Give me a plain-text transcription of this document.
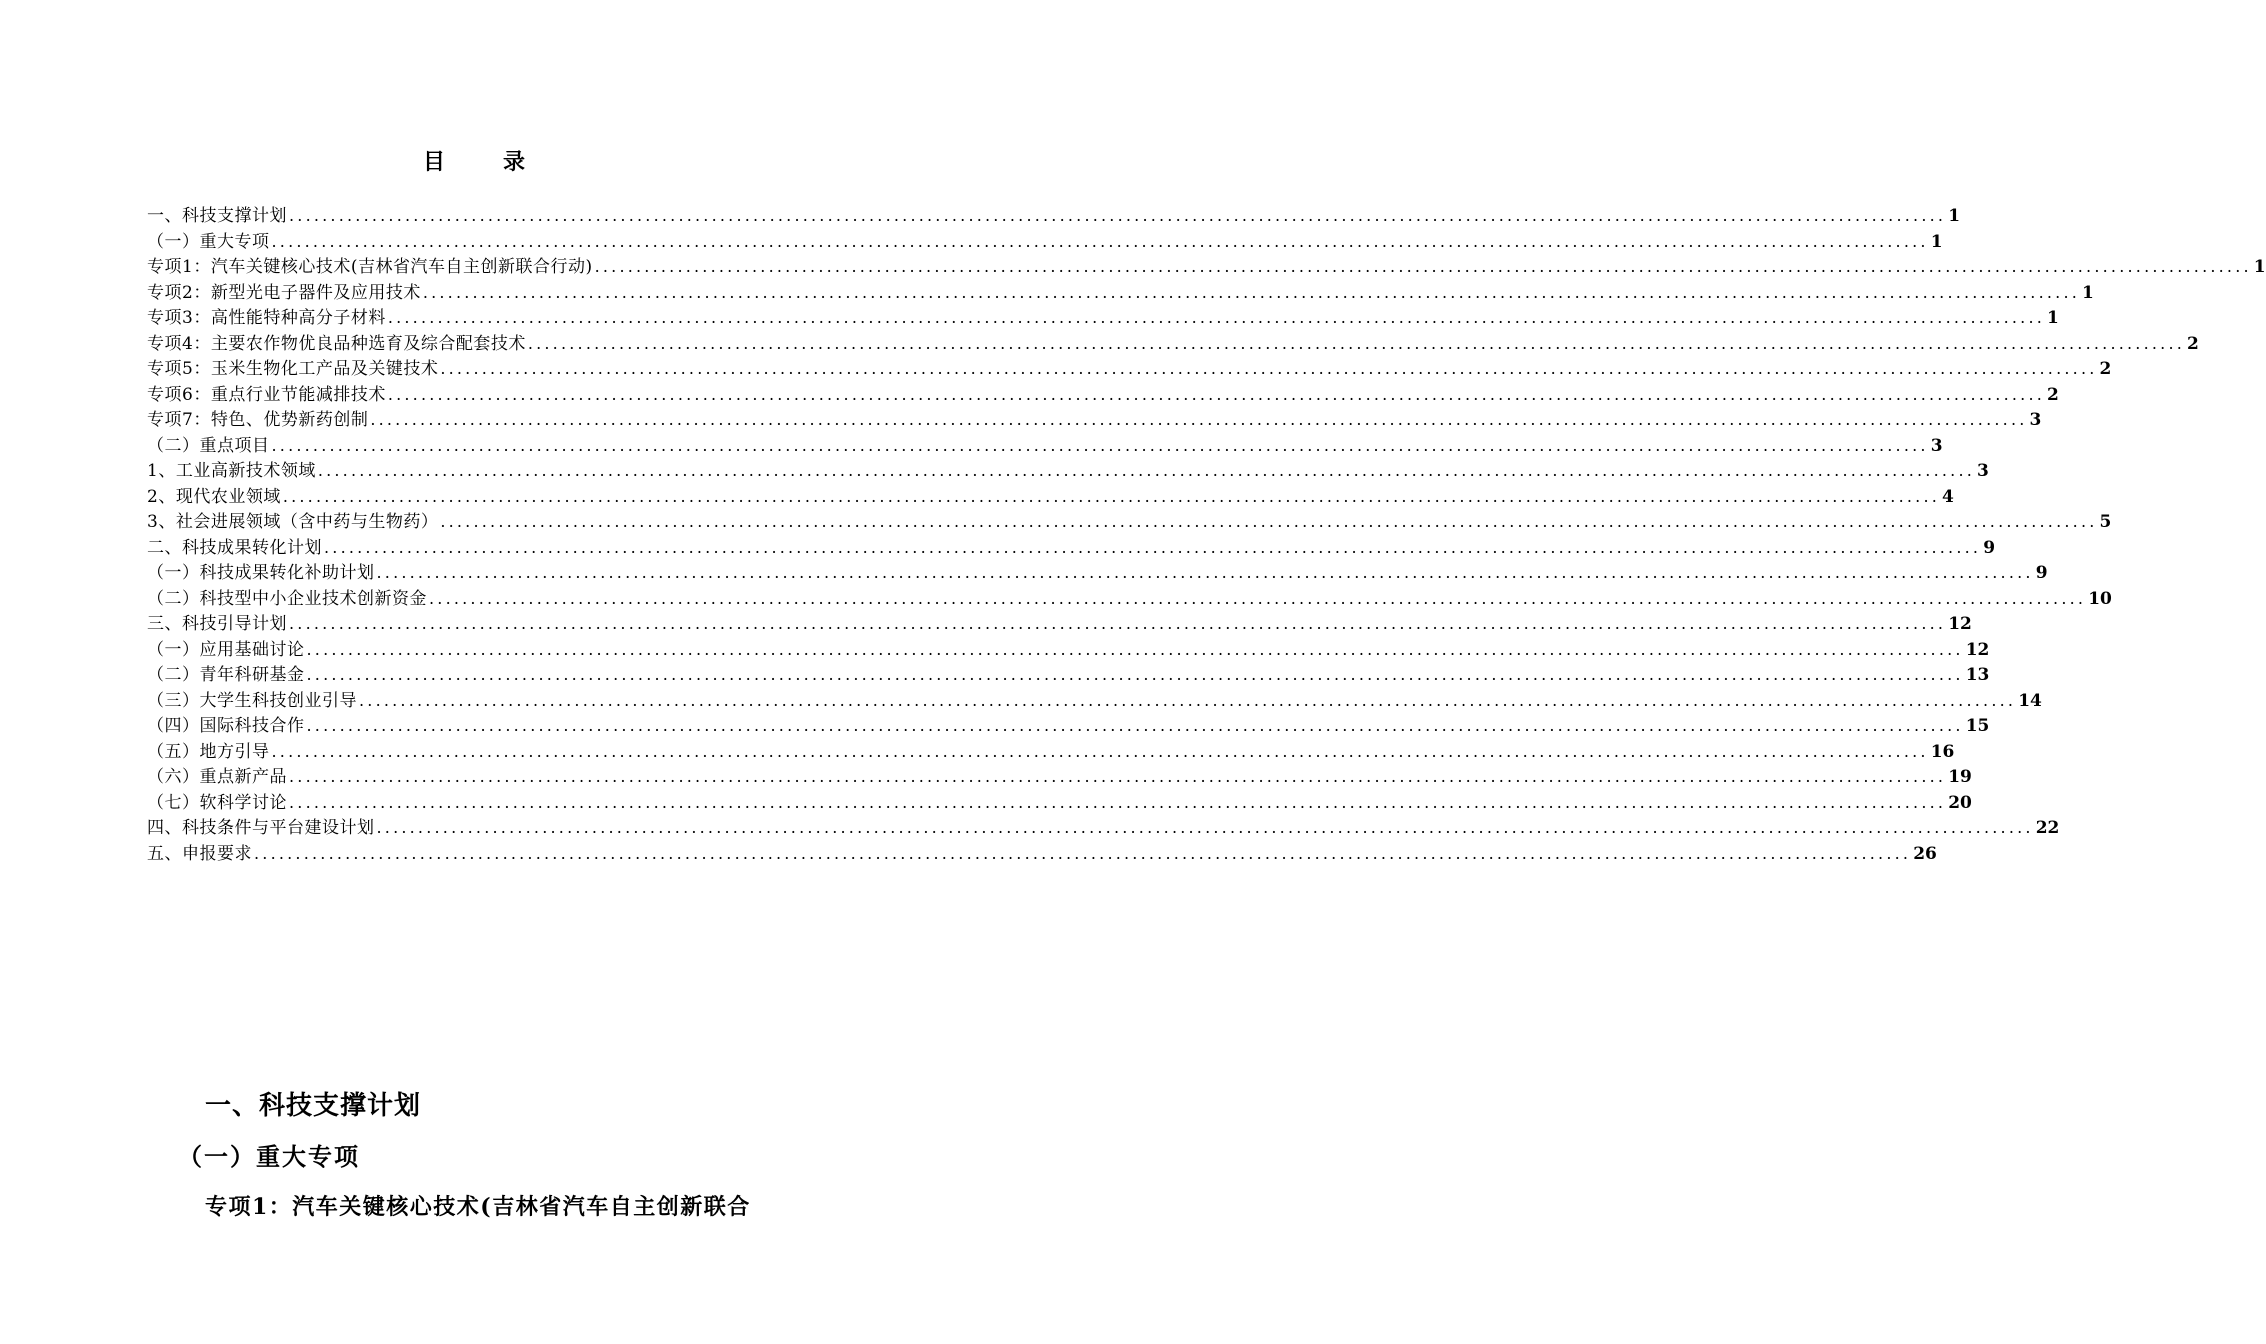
目	录
一、科技支撑计划 ........................................................................................................................................................................................................ 1
（一）重大专项 ........................................................................................................................................................................................................ 1
专项1：汽车关键核心技术(吉林省汽车自主创新联合行动) ........................................................................................................................................................................................................ 1
专项2：新型光电子器件及应用技术 ........................................................................................................................................................................................................ 1
专项3：高性能特种高分子材料 ........................................................................................................................................................................................................ 1
专项4：主要农作物优良品种选育及综合配套技术 ........................................................................................................................................................................................................ 2
专项5：玉米生物化工产品及关键技术 ........................................................................................................................................................................................................ 2
专项6：重点行业节能减排技术 ........................................................................................................................................................................................................ 2
专项7：特色、优势新药创制 ........................................................................................................................................................................................................ 3
（二）重点项目 ........................................................................................................................................................................................................ 3
1、工业高新技术领域 ........................................................................................................................................................................................................ 3
2、现代农业领域 ........................................................................................................................................................................................................ 4
3、社会进展领域（含中药与生物药） ........................................................................................................................................................................................................ 5
二、科技成果转化计划 ........................................................................................................................................................................................................ 9
（一）科技成果转化补助计划 ........................................................................................................................................................................................................ 9
（二）科技型中小企业技术创新资金 ........................................................................................................................................................................................................ 10
三、科技引导计划 ........................................................................................................................................................................................................ 12
（一）应用基础讨论 ........................................................................................................................................................................................................ 12
（二）青年科研基金 ........................................................................................................................................................................................................ 13
（三）大学生科技创业引导 ........................................................................................................................................................................................................ 14
（四）国际科技合作 ........................................................................................................................................................................................................ 15
（五）地方引导 ........................................................................................................................................................................................................ 16
（六）重点新产品 ........................................................................................................................................................................................................ 19
（七）软科学讨论 ........................................................................................................................................................................................................ 20
四、科技条件与平台建设计划 ........................................................................................................................................................................................................ 22
五、申报要求 ........................................................................................................................................................................................................ 26
一、科技支撑计划
（一）重大专项
专项1：汽车关键核心技术(吉林省汽车自主创新联合
